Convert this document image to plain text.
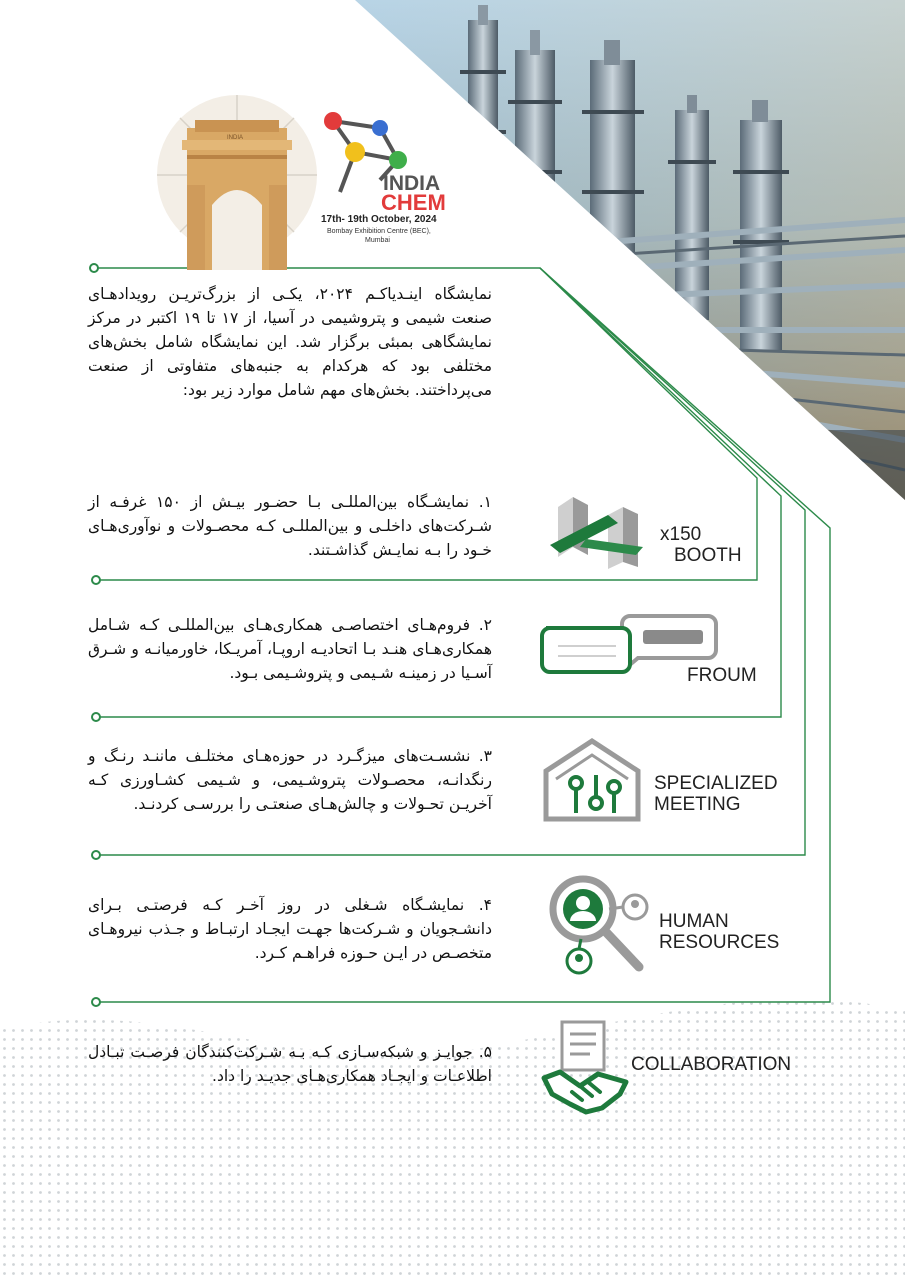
INDIA
CHEM
17th- 19th October, 2024
Bombay Exhibition Centre (BEC),
Mumbai
INDIA
نمایشگاه اینـدیاکـم ۲۰۲۴، یکـی از بزرگ‌تریـن رویدادهـای صنعت شیمی و پتروشیمی در آسیا، از ۱۷ تا ۱۹ اکتبر در مرکز نمایشگاهی بمبئی برگزار شد. این نمایشگاه شامل بخش‌های مختلفی بود که هرکدام به جنبه‌های متفاوتی از صنعت می‌پرداختند. بخش‌های مهم شامل موارد زیر بود:
۱. نمایشـگاه بین‌المللـی بـا حضـور بیـش از ۱۵۰ غرفـه از شـرکت‌های داخلـی و بین‌المللـی کـه محصـولات و نوآوری‌هـای خـود را بـه نمایـش گذاشـتند.
x150
BOOTH
۲. فروم‌هـای اختصاصـی همکاری‌هـای بین‌المللـی کـه شـامل همکاری‌هـای هنـد بـا اتحادیـه اروپـا، آمریـکا، خاورمیانـه و شـرق آسـیا در زمینـه شـیمی و پتروشـیمی بـود.	FROUM
۳. نشسـت‌های میزگـرد در حوزه‌هـای مختلـف ماننـد رنـگ و رنگدانـه، محصـولات پتروشـیمی، و شـیمی کشـاورزی کـه آخریـن تحـولات و چالش‌هـای صنعتـی را بررسـی کردنـد.
SPECIALIZED
MEETING
۴. نمایشـگاه شـغلی در روز آخـر کـه فرصتـی بـرای دانشـجویان و شـرکت‌ها جهـت ایجـاد ارتبـاط و جـذب نیروهـای متخصـص در ایـن حـوزه فراهـم کـرد.
HUMAN
RESOURCES
۵. جوایـز و شبکه‌سـازی کـه بـه شـرکت‌کنندگان فرصـت تبـادل اطلاعـات و ایجـاد همکاری‌هـای جدیـد را داد.
COLLABORATION
